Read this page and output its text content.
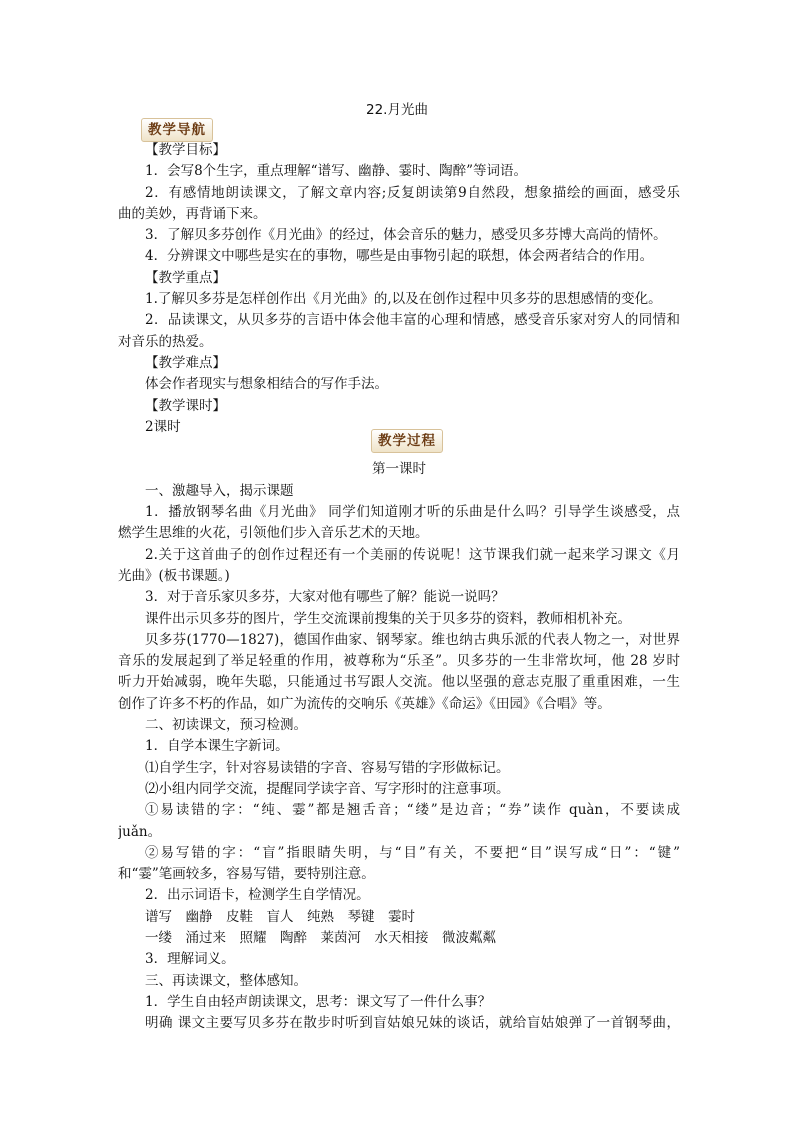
22.月光曲
教学导航
教学过程
【教学目标】
1．会写8个生字，重点理解“谱写、幽静、霎时、陶醉”等词语。
2．有感情地朗读课文，了解文章内容;反复朗读第9自然段，想象描绘的画面，感受乐
曲的美妙，再背诵下来。
3．了解贝多芬创作《月光曲》的经过，体会音乐的魅力，感受贝多芬博大高尚的情怀。
4．分辨课文中哪些是实在的事物，哪些是由事物引起的联想，体会两者结合的作用。
【教学重点】
1.了解贝多芬是怎样创作出《月光曲》的,以及在创作过程中贝多芬的思想感情的变化。
2．品读课文，从贝多芬的言语中体会他丰富的心理和情感，感受音乐家对穷人的同情和
对音乐的热爱。
【教学难点】
体会作者现实与想象相结合的写作手法。
【教学课时】
2课时
第一课时
一、激趣导入，揭示课题
1．播放钢琴名曲《月光曲》 同学们知道刚才听的乐曲是什么吗？引导学生谈感受，点
燃学生思维的火花，引领他们步入音乐艺术的天地。
2.关于这首曲子的创作过程还有一个美丽的传说呢！这节课我们就一起来学习课文《月
光曲》(板书课题。)
3．对于音乐家贝多芬，大家对他有哪些了解？能说一说吗？
课件出示贝多芬的图片，学生交流课前搜集的关于贝多芬的资料，教师相机补充。
贝多芬(1770—1827)，德国作曲家、钢琴家。维也纳古典乐派的代表人物之一，对世界
音乐的发展起到了举足轻重的作用，被尊称为“乐圣”。贝多芬的一生非常坎坷，他 28 岁时
听力开始减弱，晚年失聪，只能通过书写跟人交流。他以坚强的意志克服了重重困难，一生
创作了许多不朽的作品，如广为流传的交响乐《英雄》《命运》《田园》《合唱》等。
二、初读课文，预习检测。
1．自学本课生字新词。
⑴自学生字，针对容易读错的字音、容易写错的字形做标记。
⑵小组内同学交流，提醒同学读字音、写字形时的注意事项。
①易读错的字：“纯、霎”都是翘舌音；“缕”是边音；“券”读作 quàn，不要读成
juǎn。
②易写错的字：“盲”指眼睛失明，与“目”有关，不要把“目”误写成“日”：“键”
和“霎”笔画较多，容易写错，要特别注意。
2．出示词语卡，检测学生自学情况。
谱写　幽静　皮鞋　盲人　纯熟　琴键　霎时
一缕　涌过来　照耀　陶醉　莱茵河　水天相接　微波粼粼
3．理解词义。
三、再读课文，整体感知。
1．学生自由轻声朗读课文，思考：课文写了一件什么事？
明确 课文主要写贝多芬在散步时听到盲姑娘兄妹的谈话，就给盲姑娘弹了一首钢琴曲，
